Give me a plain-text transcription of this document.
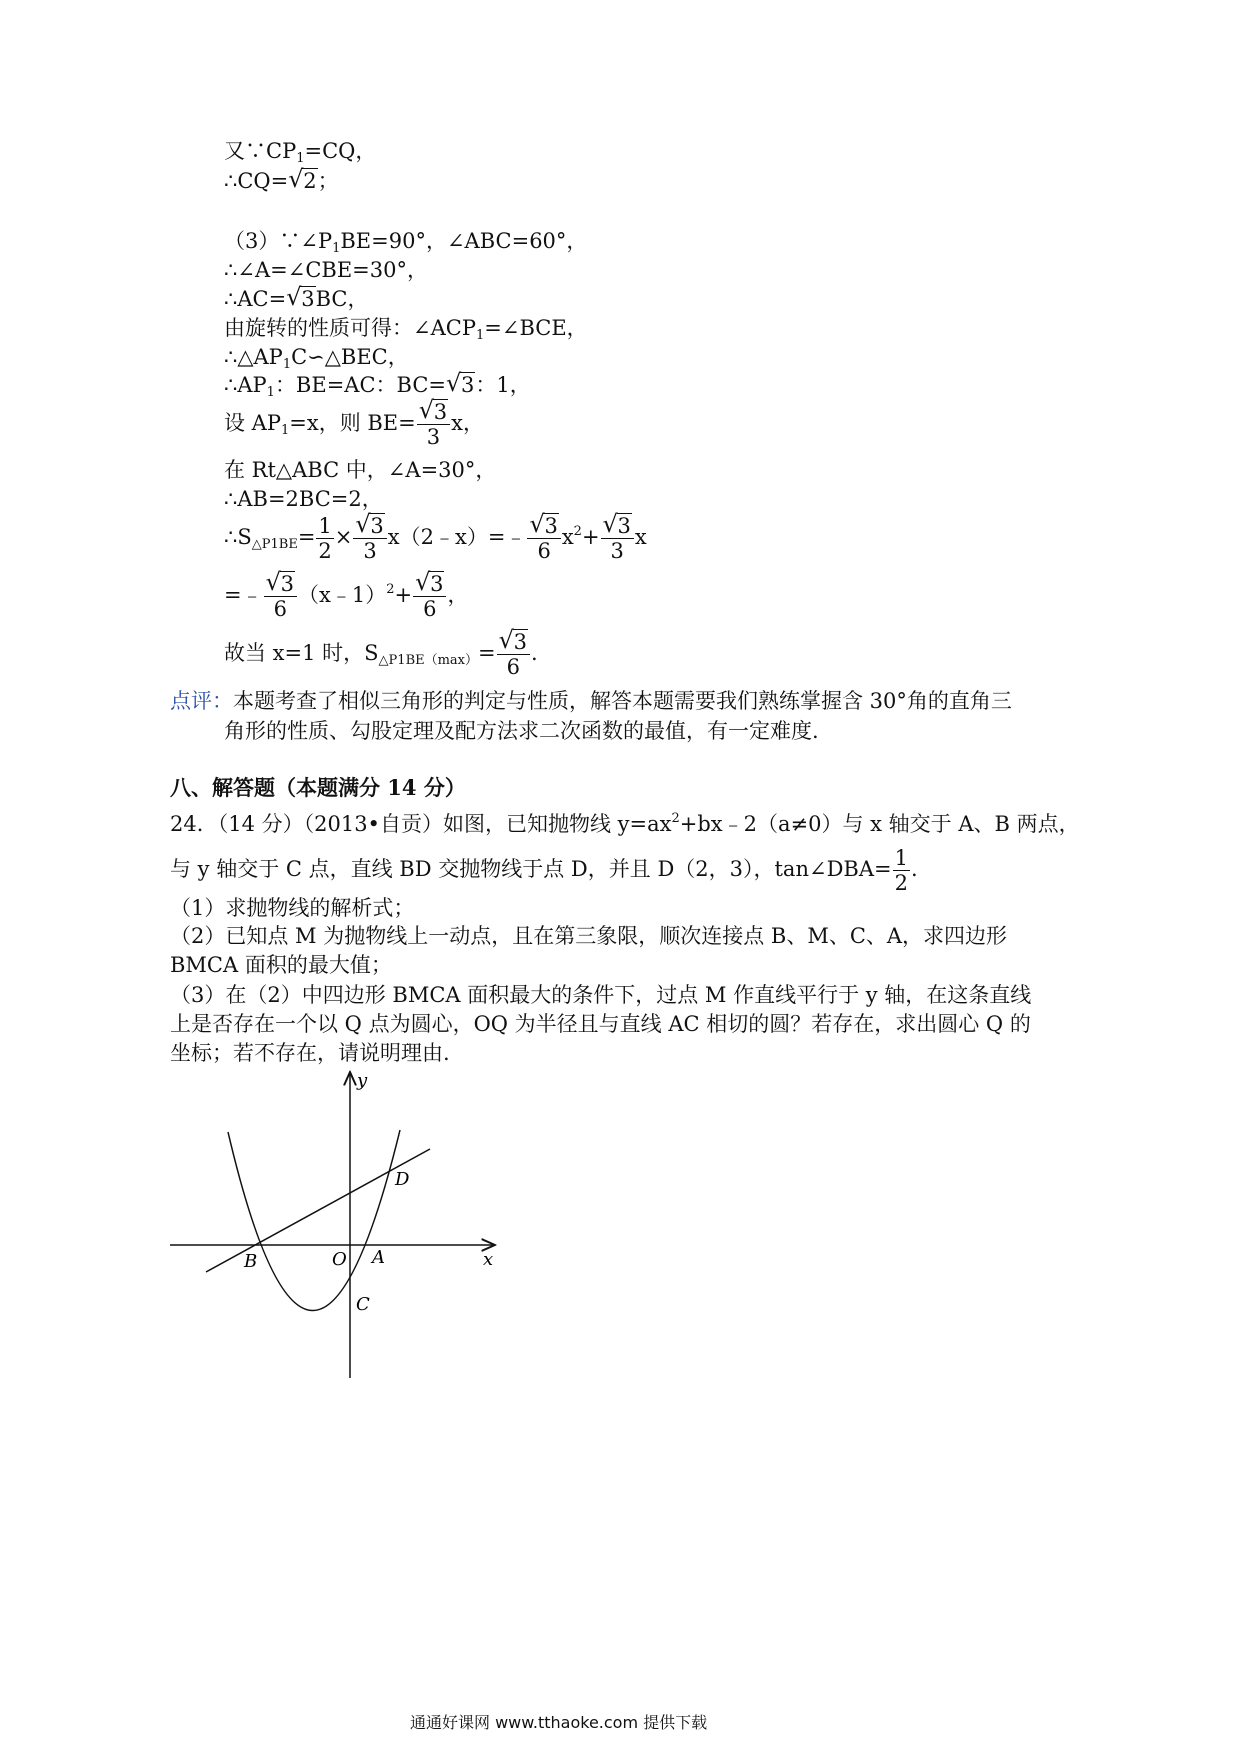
又$\because CP_1=CQ$，
∴CQ= √ 2；
$(3)\because\angle P_1BE=90^\circ$，∠ABC=60°，
∴∠A=∠CBE=30°，
∴AC= √ 3BC，
由旋转的性质可得：$\angle ACP_1=\angle BCE$，
$\therefore\triangle AP_1C∽\triangle BEC$，
$\therefore AP_1$：BE=AC：BC= √ 3：1，
设 $AP_1=x$，则 BE= √ $\frac{3}{3}$ x，
在 Rt△ABC 中，∠A=30°，
∴AB=2BC=2，
$\therefore S_{\triangle P1BE}= \frac{1}{2}$ × √ $\frac{3}{3}$ x（2﹣x）=﹣ √ $\frac{3}{6} x^2+$ √ $\frac{3}{3}$ x
=﹣ √ $\frac{3}{6}$ （x﹣1）$^2$+ √ $\frac{3}{6}$ ，
故当 x=1 时，$S_{\triangle P1BE(max)}=$ √ $\frac{3}{6}$ .
点评：本题考查了相似三角形的判定与性质，解答本题需要我们熟练掌握含 30°角的直角三
角形的性质、勾股定理及配方法求二次函数的最值，有一定难度.
八、解答题（本题满分 14 分）
24．（14 分）（2013•自贡）如图，已知抛物线 $y=ax^2+bx﹣2(a\ne 0)$与 x 轴交于 A、B 两点，
与 y 轴交于 C 点，直线 BD 交抛物线于点 D，并且 D（2，3），tan∠DBA= $\frac{1}{2}$ .
（1）求抛物线的解析式；
（2）已知点 M 为抛物线上一动点，且在第三象限，顺次连接点 B、M、C、A，求四边形
BMCA 面积的最大值；
（3）在（2）中四边形 BMCA 面积最大的条件下，过点 M 作直线平行于 y 轴，在这条直线
上是否存在一个以 Q 点为圆心，OQ 为半径且与直线 AC 相切的圆？若存在，求出圆心 Q 的
坐标；若不存在，请说明理由.
y
x
O A
B
C
D
通通好课网 www.tthaoke.com 提供下载
